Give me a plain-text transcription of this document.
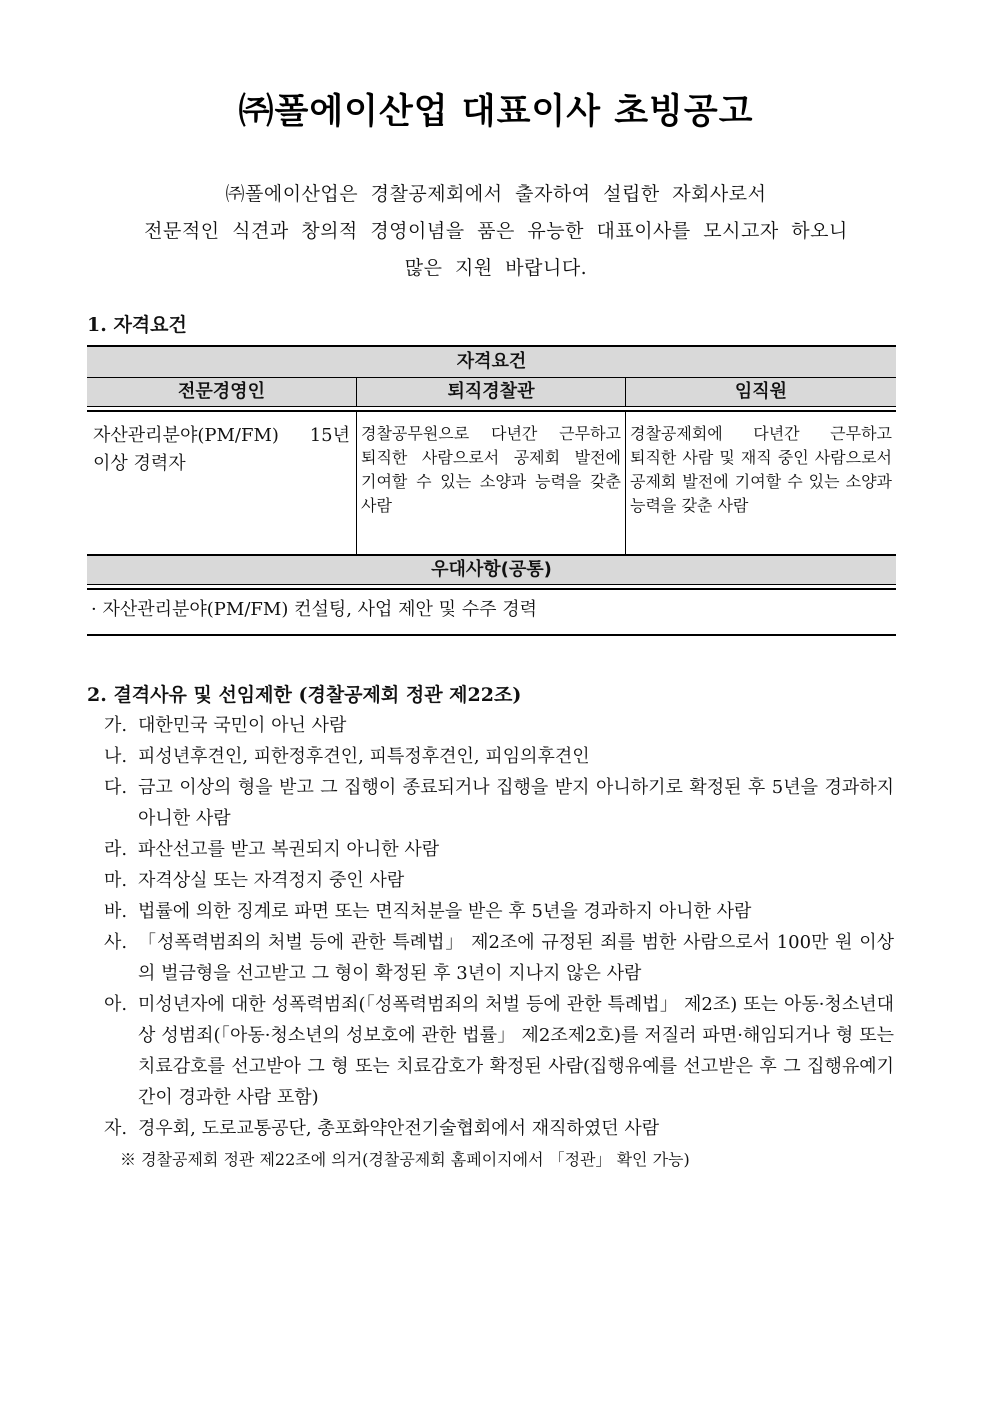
㈜폴에이산업 대표이사 초빙공고
㈜폴에이산업은 경찰공제회에서 출자하여 설립한 자회사로서
전문적인 식견과 창의적 경영이념을 품은 유능한 대표이사를 모시고자 하오니
많은 지원 바랍니다.
1. 자격요건
자격요건
전문경영인	퇴직경찰관	임직원
자산관리분야(PM/FM) 15년 이상 경력자
경찰공무원으로 다년간 근무하고 퇴직한 사람으로서 공제회 발전에 기여할 수 있는 소양과 능력을 갖춘 사람
경찰공제회에 다년간 근무하고 퇴직한 사람 및 재직 중인 사람으로서 공제회 발전에 기여할 수 있는 소양과 능력을 갖춘 사람
우대사항(공통)
· 자산관리분야(PM/FM) 컨설팅, 사업 제안 및 수주 경력
2. 결격사유 및 선임제한 (경찰공제회 정관 제22조)
가. 대한민국 국민이 아닌 사람
나. 피성년후견인, 피한정후견인, 피특정후견인, 피임의후견인
다. 금고 이상의 형을 받고 그 집행이 종료되거나 집행을 받지 아니하기로 확정된 후 5년을 경과하지 아니한 사람
라. 파산선고를 받고 복권되지 아니한 사람
마. 자격상실 또는 자격정지 중인 사람
바. 법률에 의한 징계로 파면 또는 면직처분을 받은 후 5년을 경과하지 아니한 사람
사. 「성폭력범죄의 처벌 등에 관한 특례법」 제2조에 규정된 죄를 범한 사람으로서 100만 원 이상의 벌금형을 선고받고 그 형이 확정된 후 3년이 지나지 않은 사람
아. 미성년자에 대한 성폭력범죄(「성폭력범죄의 처벌 등에 관한 특례법」 제2조) 또는 아동·청소년대상 성범죄(「아동·청소년의 성보호에 관한 법률」 제2조제2호)를 저질러 파면·해임되거나 형 또는 치료감호를 선고받아 그 형 또는 치료감호가 확정된 사람(집행유예를 선고받은 후 그 집행유예기간이 경과한 사람 포함)
자. 경우회, 도로교통공단, 총포화약안전기술협회에서 재직하였던 사람
※ 경찰공제회 정관 제22조에 의거(경찰공제회 홈페이지에서 「정관」 확인 가능)
